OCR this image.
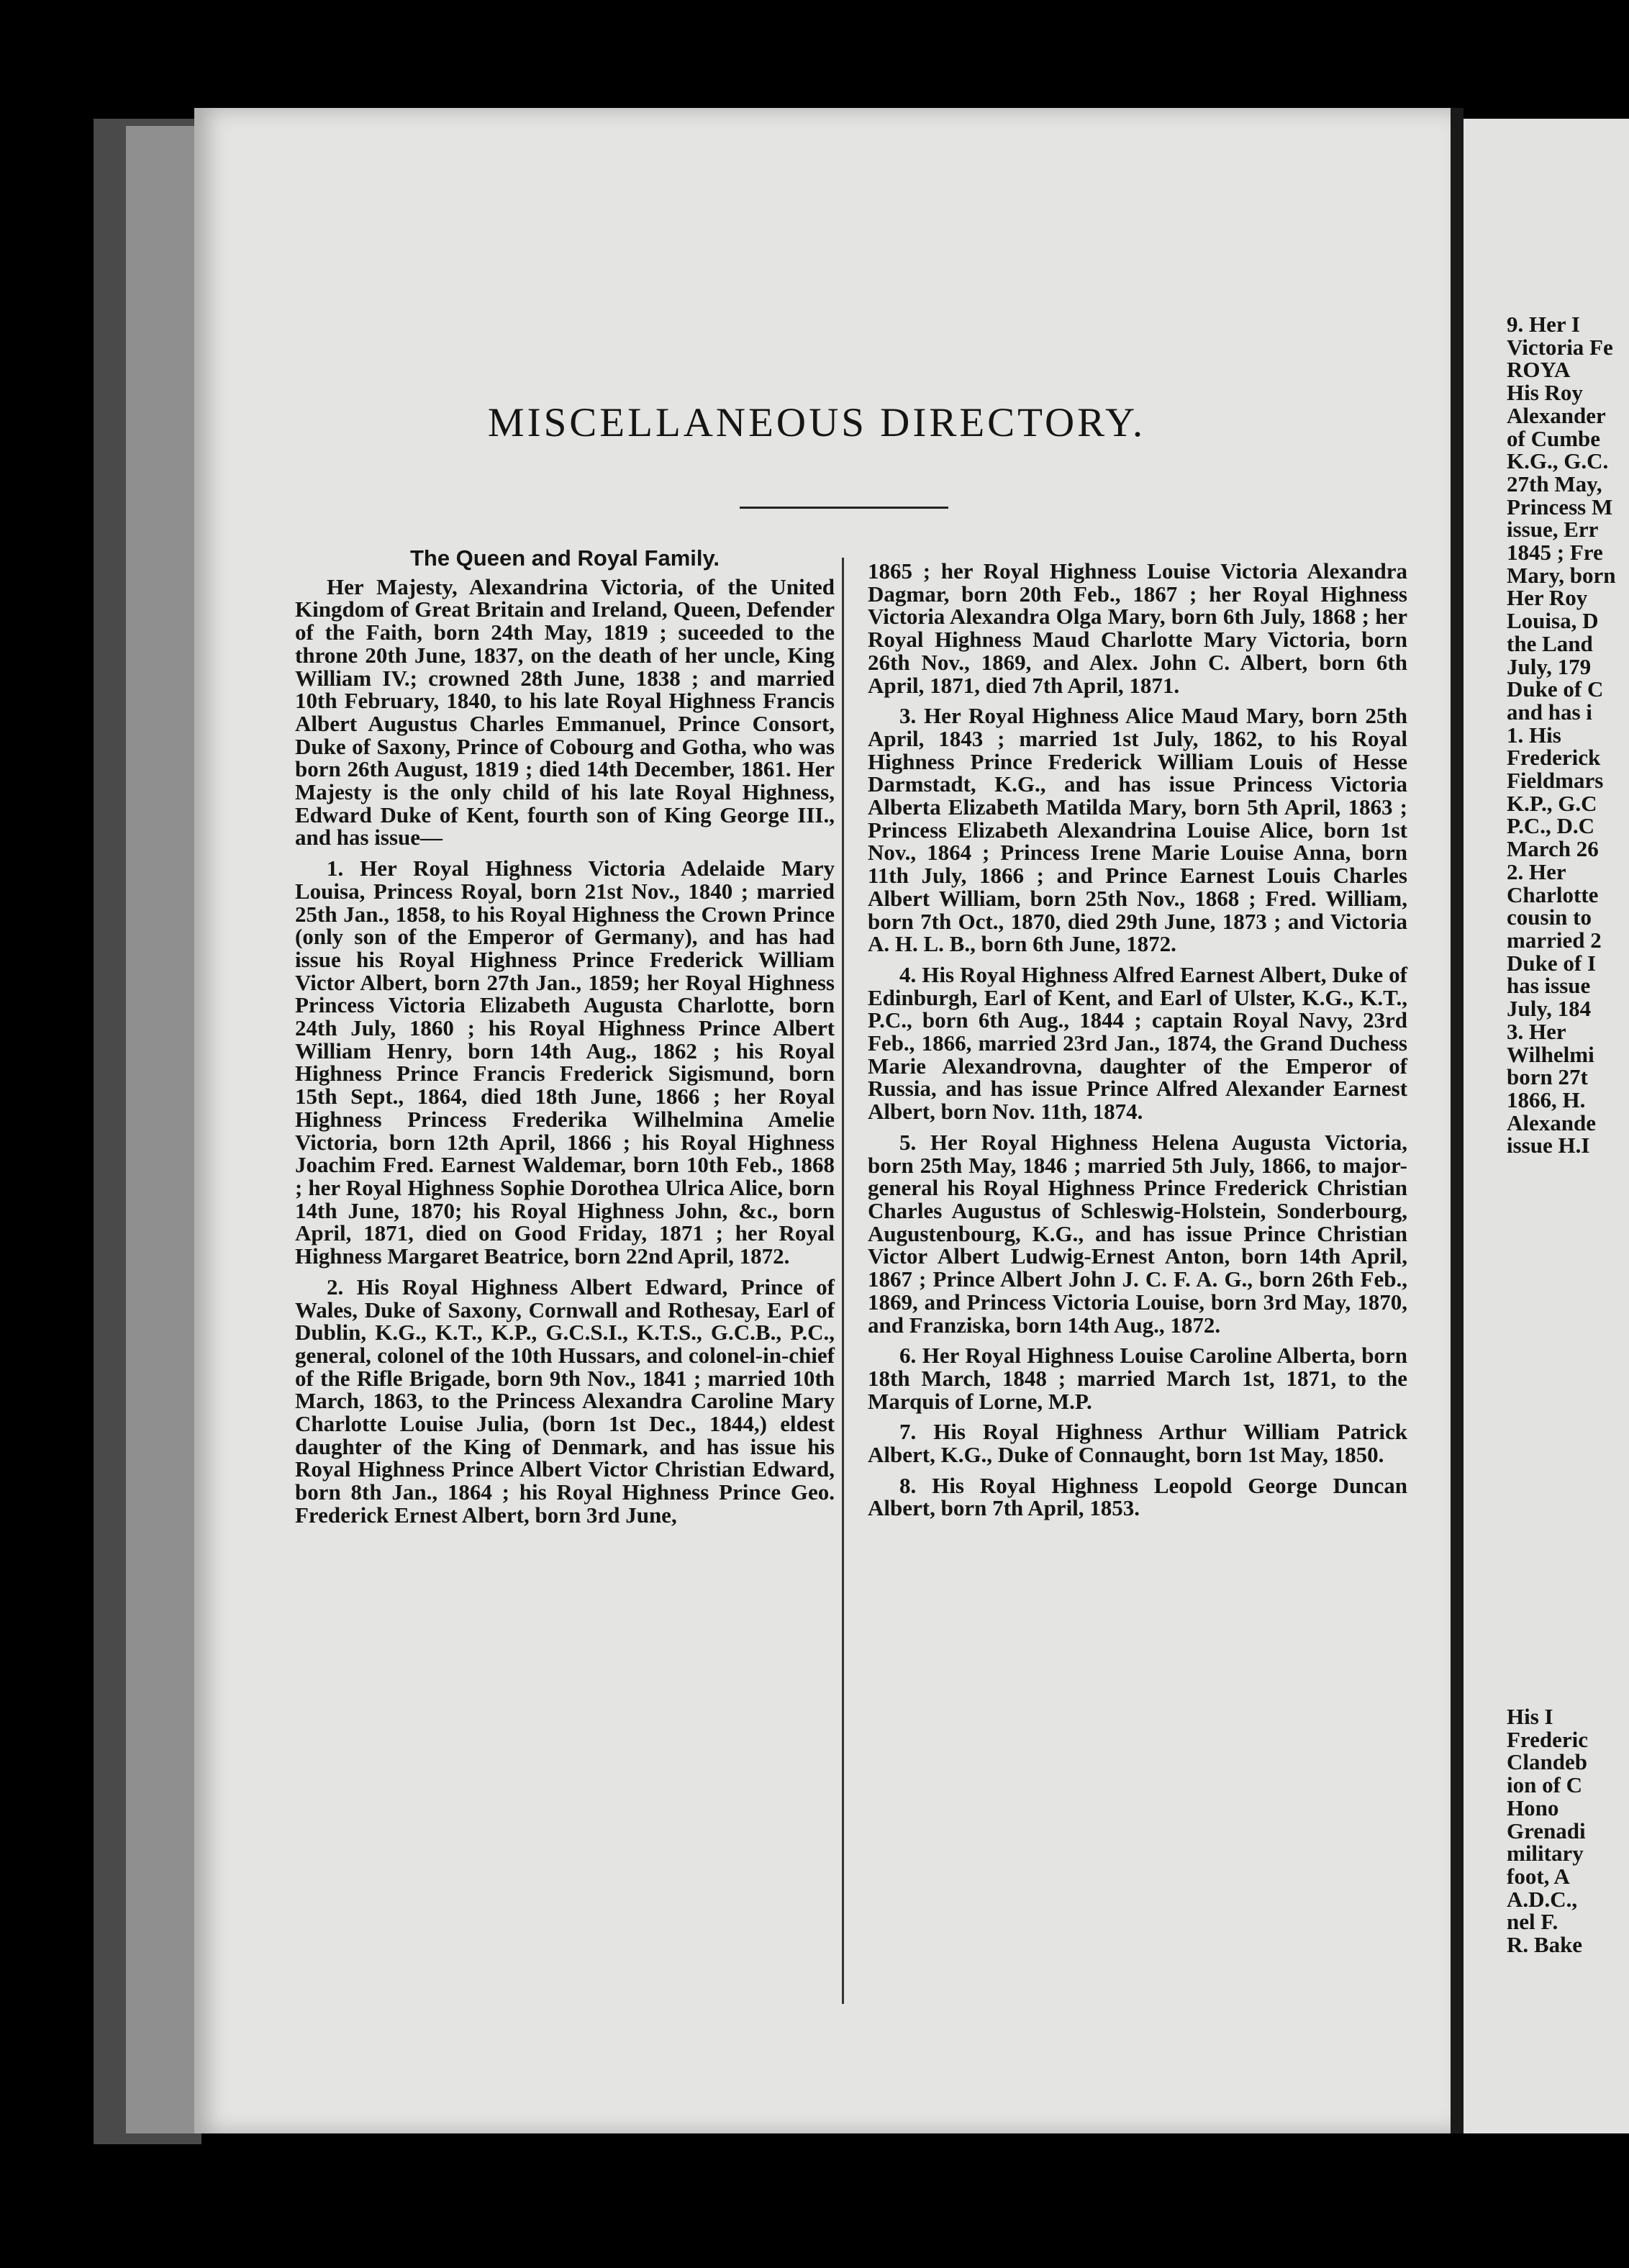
MISCELLANEOUS DIRECTORY.
The Queen and Royal Family.

Her Majesty, Alexandrina Victoria, of the United Kingdom of Great Britain and Ireland, Queen, Defender of the Faith, born 24th May, 1819 ; suceeded to the throne 20th June, 1837, on the death of her uncle, King William IV.; crowned 28th June, 1838 ; and married 10th February, 1840, to his late Royal Highness Francis Albert Augustus Charles Emmanuel, Prince Consort, Duke of Saxony, Prince of Cobourg and Gotha, who was born 26th August, 1819 ; died 14th December, 1861. Her Majesty is the only child of his late Royal Highness, Edward Duke of Kent, fourth son of King George III., and has issue—

1. Her Royal Highness Victoria Adelaide Mary Louisa, Princess Royal, born 21st Nov., 1840 ; married 25th Jan., 1858, to his Royal Highness the Crown Prince (only son of the Emperor of Germany), and has had issue his Royal Highness Prince Frederick William Victor Albert, born 27th Jan., 1859; her Royal Highness Princess Victoria Elizabeth Augusta Charlotte, born 24th July, 1860 ; his Royal Highness Prince Albert William Henry, born 14th Aug., 1862 ; his Royal Highness Prince Francis Frederick Sigismund, born 15th Sept., 1864, died 18th June, 1866 ; her Royal Highness Princess Frederika Wilhelmina Amelie Victoria, born 12th April, 1866 ; his Royal Highness Joachim Fred. Earnest Waldemar, born 10th Feb., 1868 ; her Royal Highness Sophie Dorothea Ulrica Alice, born 14th June, 1870; his Royal Highness John, &c., born April, 1871, died on Good Friday, 1871 ; her Royal Highness Margaret Beatrice, born 22nd April, 1872.

2. His Royal Highness Albert Edward, Prince of Wales, Duke of Saxony, Cornwall and Rothesay, Earl of Dublin, K.G., K.T., K.P., G.C.S.I., K.T.S., G.C.B., P.C., general, colonel of the 10th Hussars, and colonel-in-chief of the Rifle Brigade, born 9th Nov., 1841 ; married 10th March, 1863, to the Princess Alexandra Caroline Mary Charlotte Louise Julia, (born 1st Dec., 1844,) eldest daughter of the King of Denmark, and has issue his Royal Highness Prince Albert Victor Christian Edward, born 8th Jan., 1864 ; his Royal Highness Prince Geo. Frederick Ernest Albert, born 3rd June,

1865 ; her Royal Highness Louise Victoria Alexandra Dagmar, born 20th Feb., 1867 ; her Royal Highness Victoria Alexandra Olga Mary, born 6th July, 1868 ; her Royal Highness Maud Charlotte Mary Victoria, born 26th Nov., 1869, and Alex. John C. Albert, born 6th April, 1871, died 7th April, 1871.

3. Her Royal Highness Alice Maud Mary, born 25th April, 1843 ; married 1st July, 1862, to his Royal Highness Prince Frederick William Louis of Hesse Darmstadt, K.G., and has issue Princess Victoria Alberta Elizabeth Matilda Mary, born 5th April, 1863 ; Princess Elizabeth Alexandrina Louise Alice, born 1st Nov., 1864 ; Princess Irene Marie Louise Anna, born 11th July, 1866 ; and Prince Earnest Louis Charles Albert William, born 25th Nov., 1868 ; Fred. William, born 7th Oct., 1870, died 29th June, 1873 ; and Victoria A. H. L. B., born 6th June, 1872.

4. His Royal Highness Alfred Earnest Albert, Duke of Edinburgh, Earl of Kent, and Earl of Ulster, K.G., K.T., P.C., born 6th Aug., 1844 ; captain Royal Navy, 23rd Feb., 1866, married 23rd Jan., 1874, the Grand Duchess Marie Alexandrovna, daughter of the Emperor of Russia, and has issue Prince Alfred Alexander Earnest Albert, born Nov. 11th, 1874.

5. Her Royal Highness Helena Augusta Victoria, born 25th May, 1846 ; married 5th July, 1866, to major-general his Royal Highness Prince Frederick Christian Charles Augustus of Schleswig-Holstein, Sonderbourg, Augustenbourg, K.G., and has issue Prince Christian Victor Albert Ludwig-Ernest Anton, born 14th April, 1867 ; Prince Albert John J. C. F. A. G., born 26th Feb., 1869, and Princess Victoria Louise, born 3rd May, 1870, and Franziska, born 14th Aug., 1872.

6. Her Royal Highness Louise Caroline Alberta, born 18th March, 1848 ; married March 1st, 1871, to the Marquis of Lorne, M.P.

7. His Royal Highness Arthur William Patrick Albert, K.G., Duke of Connaught, born 1st May, 1850.

8. His Royal Highness Leopold George Duncan Albert, born 7th April, 1853.

9. Her I

Victoria Fe

ROYA

His Roy

Alexander

of Cumbe

K.G., G.C.

27th May,

Princess M

issue, Err

1845 ; Fre

Mary, born

Her Roy

Louisa, D

the Land

July, 179

Duke of C

and has i

1. His

Frederick

Fieldmars

K.P., G.C

P.C., D.C

March 26

2. Her

Charlotte

cousin to

married 2

Duke of I

has issue

July, 184

3. Her

Wilhelmi

born 27t

1866, H.

Alexande

issue H.I

His I

Frederic

Clandeb

ion of C

Hono

Grenadi

military

foot, A

A.D.C.,

nel F.

R. Bake
